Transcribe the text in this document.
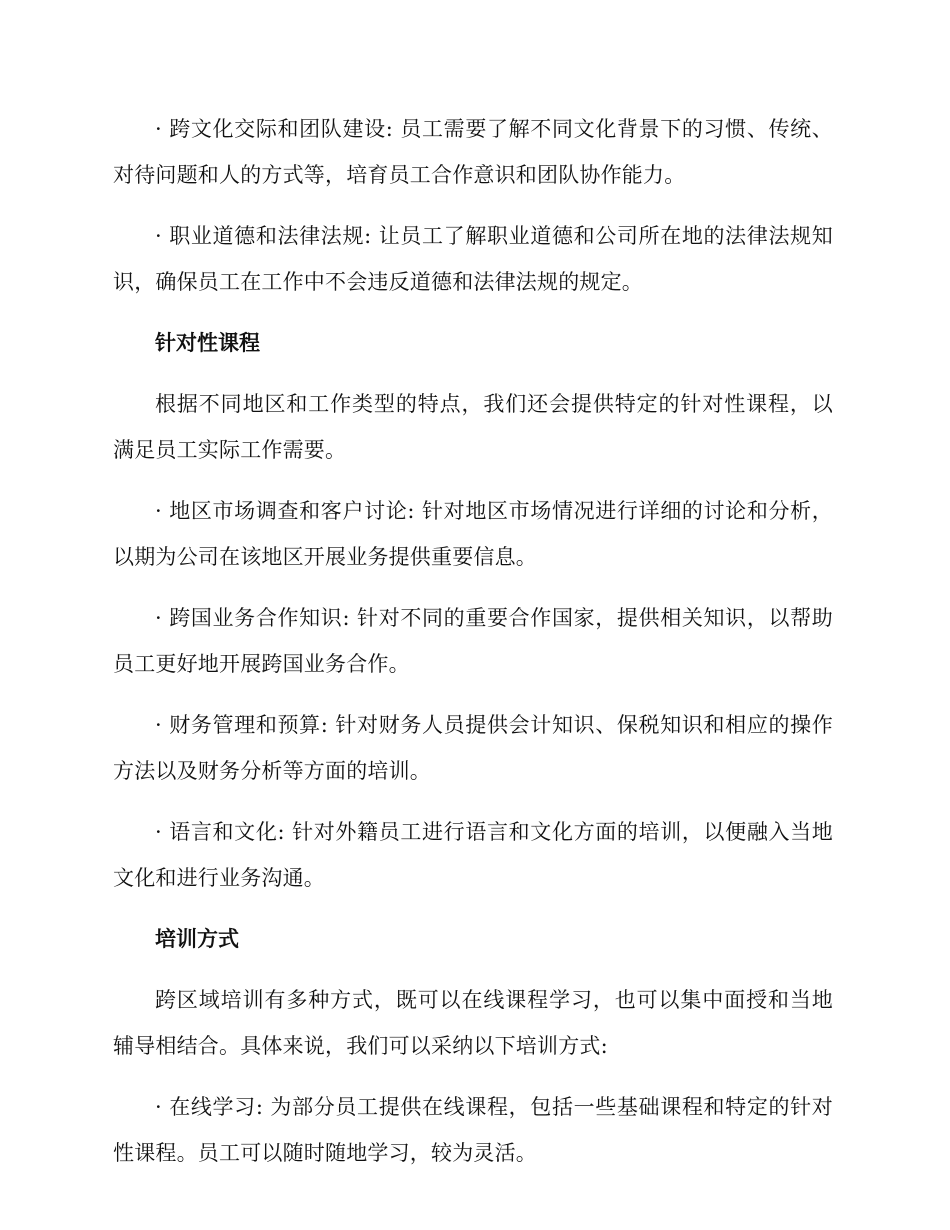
· 跨文化交际和团队建设: 员工需要了解不同文化背景下的习惯、传统、对待问题和人的方式等，培育员工合作意识和团队协作能力。

· 职业道德和法律法规: 让员工了解职业道德和公司所在地的法律法规知识，确保员工在工作中不会违反道德和法律法规的规定。

针对性课程

根据不同地区和工作类型的特点，我们还会提供特定的针对性课程，以满足员工实际工作需要。

· 地区市场调查和客户讨论: 针对地区市场情况进行详细的讨论和分析，以期为公司在该地区开展业务提供重要信息。

· 跨国业务合作知识: 针对不同的重要合作国家，提供相关知识，以帮助员工更好地开展跨国业务合作。

· 财务管理和预算: 针对财务人员提供会计知识、保税知识和相应的操作方法以及财务分析等方面的培训。

· 语言和文化: 针对外籍员工进行语言和文化方面的培训，以便融入当地文化和进行业务沟通。

培训方式

跨区域培训有多种方式，既可以在线课程学习，也可以集中面授和当地辅导相结合。具体来说，我们可以采纳以下培训方式:

· 在线学习: 为部分员工提供在线课程，包括一些基础课程和特定的针对性课程。员工可以随时随地学习，较为灵活。
